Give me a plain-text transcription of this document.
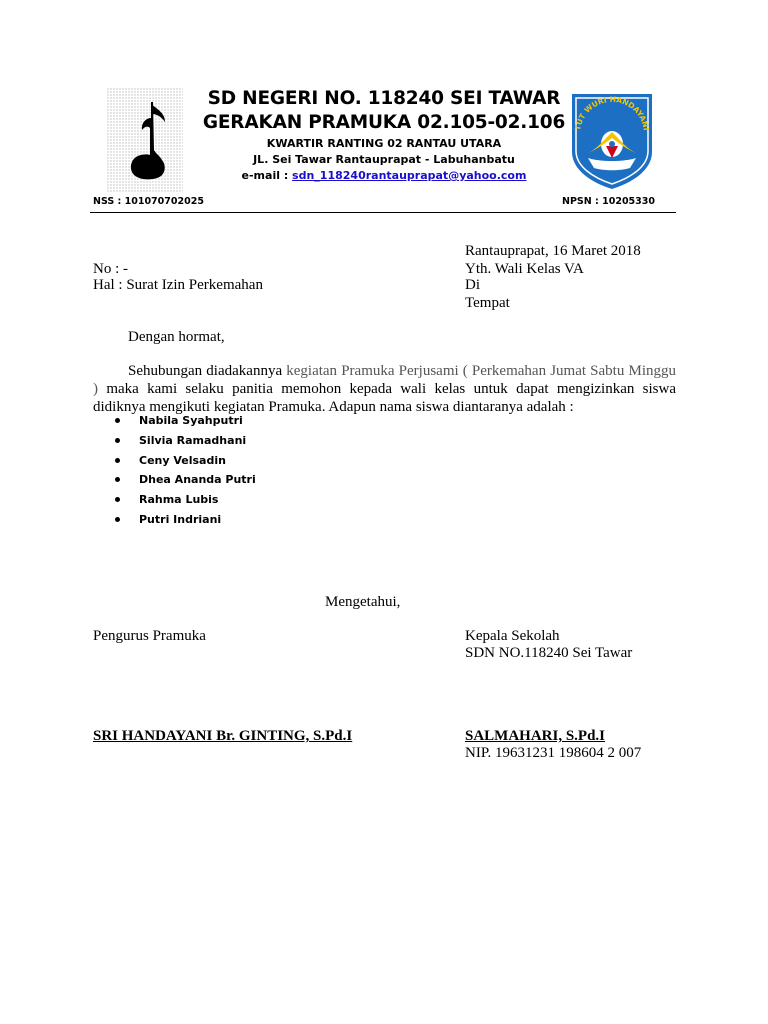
TUT WURI HANDAYANI
SD NEGERI NO. 118240 SEI TAWAR
GERAKAN PRAMUKA 02.105-02.106
KWARTIR RANTING 02 RANTAU UTARA
JL. Sei Tawar Rantauprapat - Labuhanbatu
e-mail : sdn_118240rantauprapat@yahoo.com
NSS : 101070702025	NPSN : 10205330
Rantauprapat, 16 Maret 2018
No : -	Yth. Wali Kelas VA
Hal : Surat Izin Perkemahan	Di
Tempat
Dengan hormat,
Sehubungan diadakannya kegiatan Pramuka Perjusami ( Perkemahan Jumat Sabtu Minggu ) maka kami selaku panitia memohon kepada wali kelas untuk dapat mengizinkan siswa didiknya mengikuti kegiatan Pramuka. Adapun nama siswa diantaranya adalah :
Nabila Syahputri
Silvia Ramadhani
Ceny Velsadin
Dhea Ananda Putri
Rahma Lubis
Putri Indriani
Mengetahui,
Pengurus Pramuka	Kepala Sekolah
SDN NO.118240 Sei Tawar
SRI HANDAYANI Br. GINTING, S.Pd.I	SALMAHARI, S.Pd.I
NIP. 19631231 198604 2 007
